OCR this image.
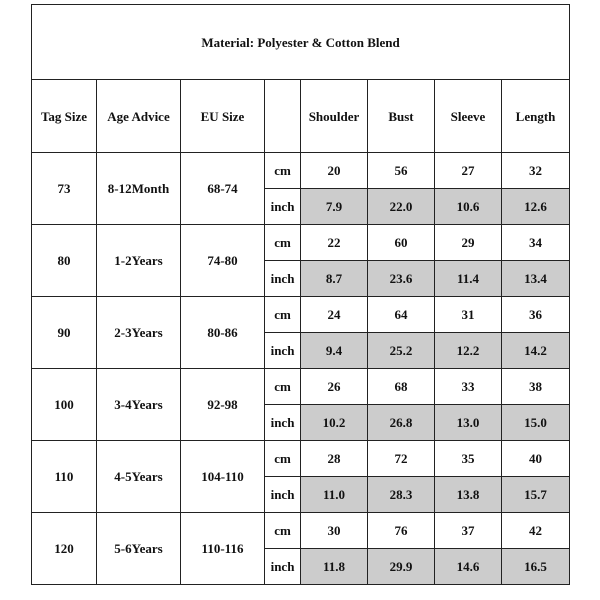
Material: Polyester & Cotton Blend							
Tag Size	Age Advice	EU Size		Shoulder	Bust	Sleeve	Length
73	8-12Month	68-74	cm	20	56	27	32
			inch	7.9	22.0	10.6	12.6
80	1-2Years	74-80	cm	22	60	29	34
			inch	8.7	23.6	11.4	13.4
90	2-3Years	80-86	cm	24	64	31	36
			inch	9.4	25.2	12.2	14.2
100	3-4Years	92-98	cm	26	68	33	38
			inch	10.2	26.8	13.0	15.0
110	4-5Years	104-110	cm	28	72	35	40
			inch	11.0	28.3	13.8	15.7
120	5-6Years	110-116	cm	30	76	37	42
			inch	11.8	29.9	14.6	16.5
